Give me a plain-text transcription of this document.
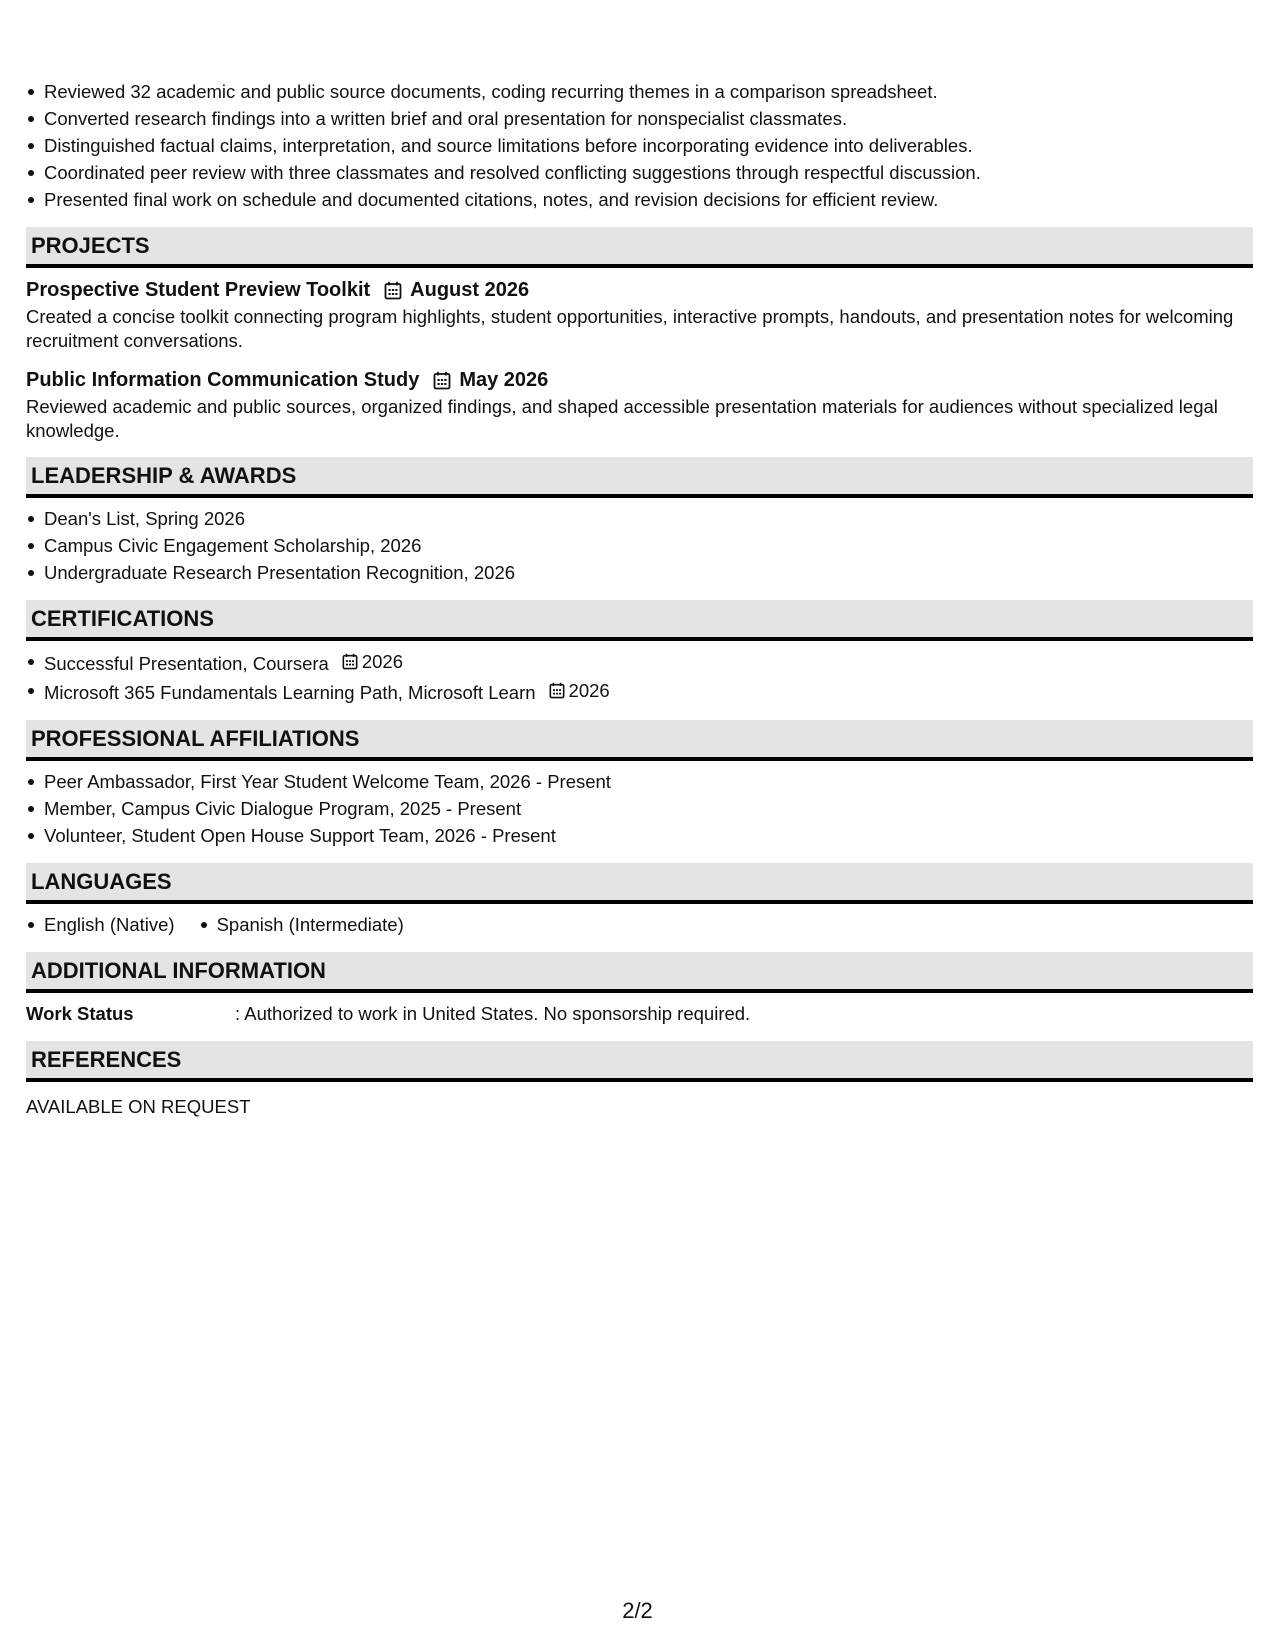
Reviewed 32 academic and public source documents, coding recurring themes in a comparison spreadsheet.
Converted research findings into a written brief and oral presentation for nonspecialist classmates.
Distinguished factual claims, interpretation, and source limitations before incorporating evidence into deliverables.
Coordinated peer review with three classmates and resolved conflicting suggestions through respectful discussion.
Presented final work on schedule and documented citations, notes, and revision decisions for efficient review.
PROJECTS
Prospective Student Preview Toolkit August 2026
Created a concise toolkit connecting program highlights, student opportunities, interactive prompts, handouts, and presentation notes for welcoming recruitment conversations.
Public Information Communication Study May 2026
Reviewed academic and public sources, organized findings, and shaped accessible presentation materials for audiences without specialized legal knowledge.
LEADERSHIP & AWARDS
Dean's List, Spring 2026
Campus Civic Engagement Scholarship, 2026
Undergraduate Research Presentation Recognition, 2026
CERTIFICATIONS
Successful Presentation, Coursera 2026
Microsoft 365 Fundamentals Learning Path, Microsoft Learn 2026
PROFESSIONAL AFFILIATIONS
Peer Ambassador, First Year Student Welcome Team, 2026 - Present
Member, Campus Civic Dialogue Program, 2025 - Present
Volunteer, Student Open House Support Team, 2026 - Present
LANGUAGES
English (Native) Spanish (Intermediate)
ADDITIONAL INFORMATION
Work Status	: Authorized to work in United States. No sponsorship required.
REFERENCES
AVAILABLE ON REQUEST
2/2
